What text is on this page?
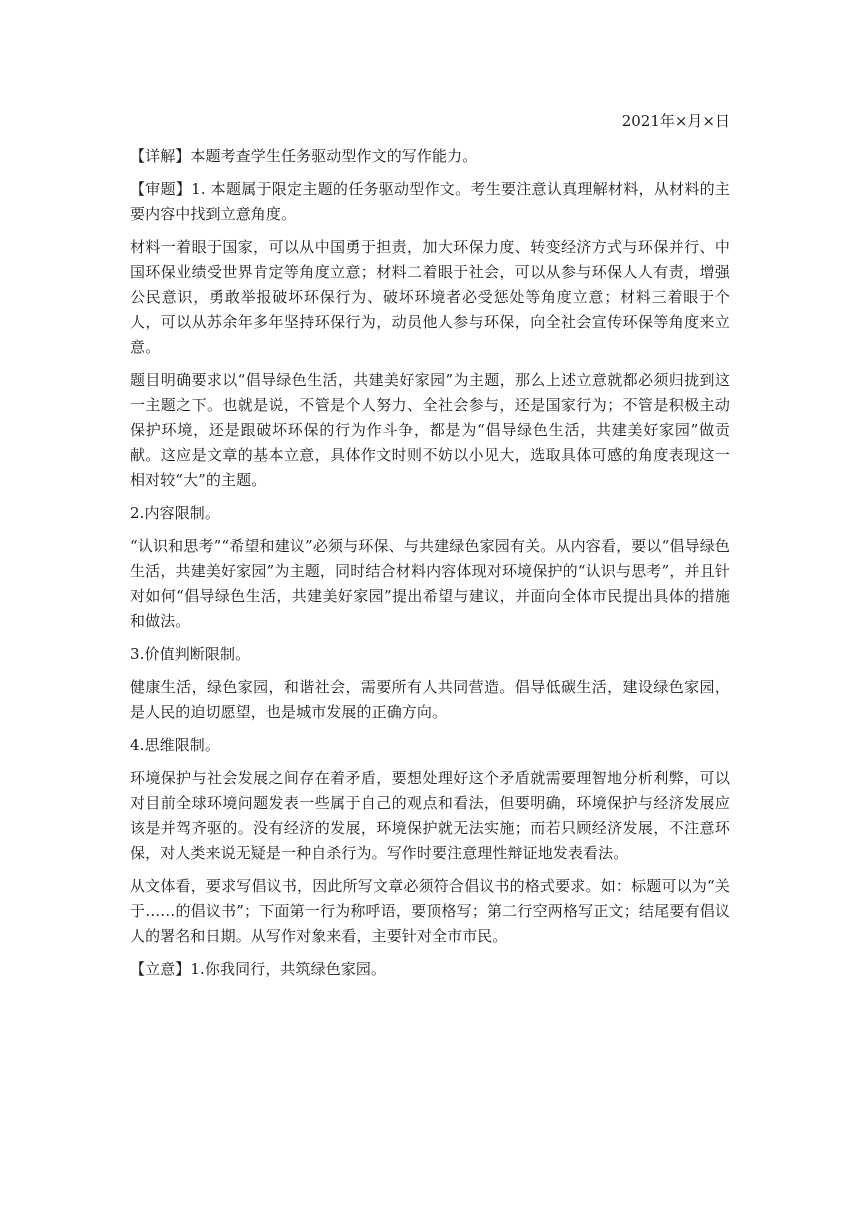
2021年×月×日

【详解】本题考查学生任务驱动型作文的写作能力。

【审题】1. 本题属于限定主题的任务驱动型作文。考生要注意认真理解材料，从材料的主要内容中找到立意角度。

材料一着眼于国家，可以从中国勇于担责，加大环保力度、转变经济方式与环保并行、中国环保业绩受世界肯定等角度立意；材料二着眼于社会，可以从参与环保人人有责，增强公民意识，勇敢举报破坏环保行为、破坏环境者必受惩处等角度立意；材料三着眼于个人，可以从苏余年多年坚持环保行为，动员他人参与环保，向全社会宣传环保等角度来立意。

题目明确要求以“倡导绿色生活，共建美好家园”为主题，那么上述立意就都必须归拢到这一主题之下。也就是说，不管是个人努力、全社会参与，还是国家行为；不管是积极主动保护环境，还是跟破坏环保的行为作斗争，都是为“倡导绿色生活，共建美好家园”做贡献。这应是文章的基本立意，具体作文时则不妨以小见大，选取具体可感的角度表现这一相对较“大”的主题。

2.内容限制。

“认识和思考”“希望和建议”必须与环保、与共建绿色家园有关。从内容看，要以“倡导绿色生活，共建美好家园”为主题，同时结合材料内容体现对环境保护的“认识与思考”，并且针对如何“倡导绿色生活，共建美好家园”提出希望与建议，并面向全体市民提出具体的措施和做法。

3.价值判断限制。

健康生活，绿色家园，和谐社会，需要所有人共同营造。倡导低碳生活，建设绿色家园，是人民的迫切愿望，也是城市发展的正确方向。

4.思维限制。

环境保护与社会发展之间存在着矛盾，要想处理好这个矛盾就需要理智地分析利弊，可以对目前全球环境问题发表一些属于自己的观点和看法，但要明确，环境保护与经济发展应该是并驾齐驱的。没有经济的发展，环境保护就无法实施；而若只顾经济发展，不注意环保，对人类来说无疑是一种自杀行为。写作时要注意理性辩证地发表看法。

从文体看，要求写倡议书，因此所写文章必须符合倡议书的格式要求。如：标题可以为“关于……的倡议书”；下面第一行为称呼语，要顶格写；第二行空两格写正文；结尾要有倡议人的署名和日期。从写作对象来看，主要针对全市市民。

【立意】1.你我同行，共筑绿色家园。
